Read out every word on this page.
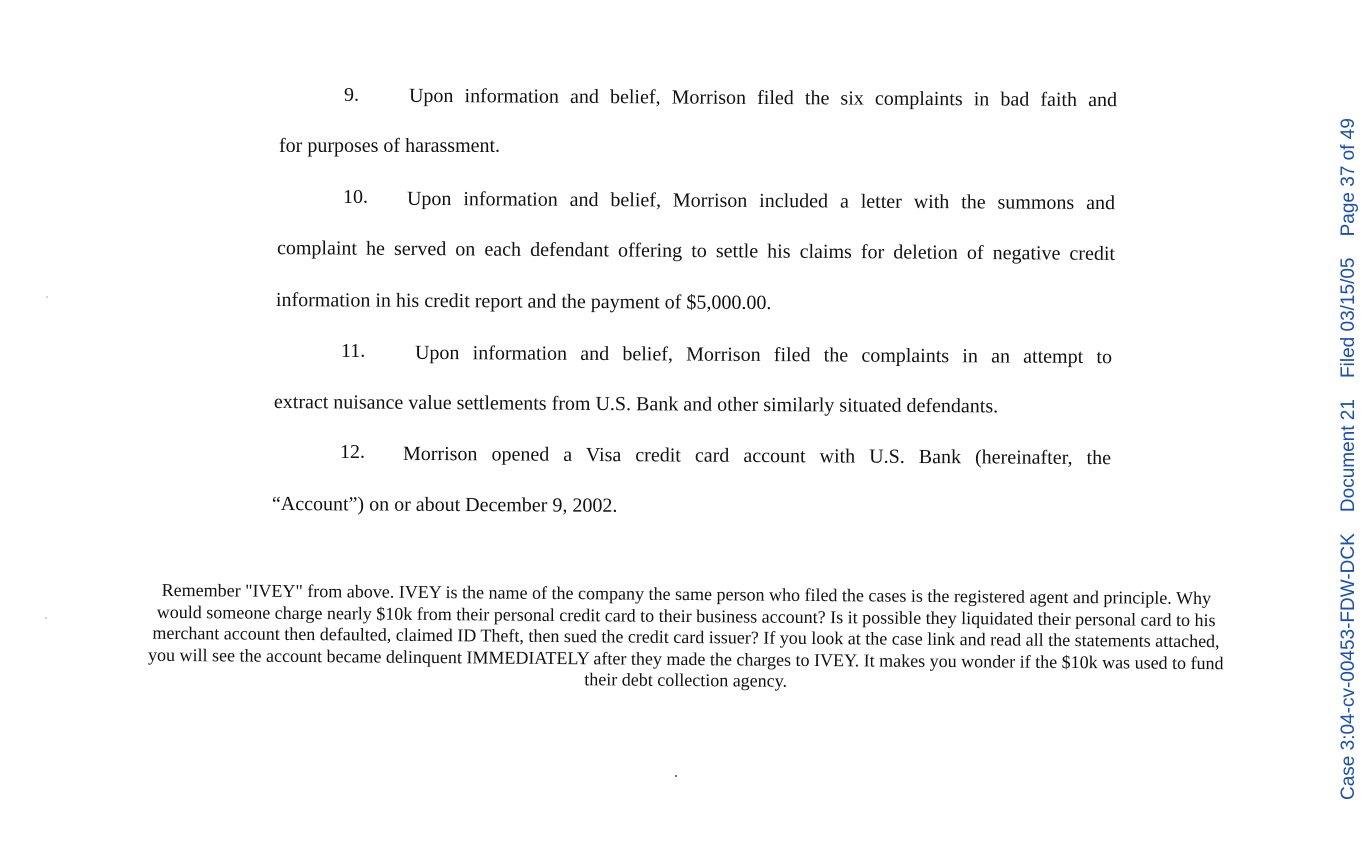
9. Upon information and belief, Morrison filed the six complaints in bad faith and
for purposes of harassment.
10. Upon information and belief, Morrison included a letter with the summons and
complaint he served on each defendant offering to settle his claims for deletion of negative credit
information in his credit report and the payment of $5,000.00.
11. Upon information and belief, Morrison filed the complaints in an attempt to
extract nuisance value settlements from U.S. Bank and other similarly situated defendants.
12. Morrison opened a Visa credit card account with U.S. Bank (hereinafter, the
“Account”) on or about December 9, 2002.
Remember "IVEY" from above. IVEY is the name of the company the same person who filed the cases is the registered agent and principle. Why
would someone charge nearly $10k from their personal credit card to their business account? Is it possible they liquidated their personal card to his
merchant account then defaulted, claimed ID Theft, then sued the credit card issuer? If you look at the case link and read all the statements attached,
you will see the account became delinquent IMMEDIATELY after they made the charges to IVEY. It makes you wonder if the $10k was used to fund
their debt collection agency.	Case 3:04-cv-00453-FDW-DCK    Document 21    Filed 03/15/05    Page 37 of 49
